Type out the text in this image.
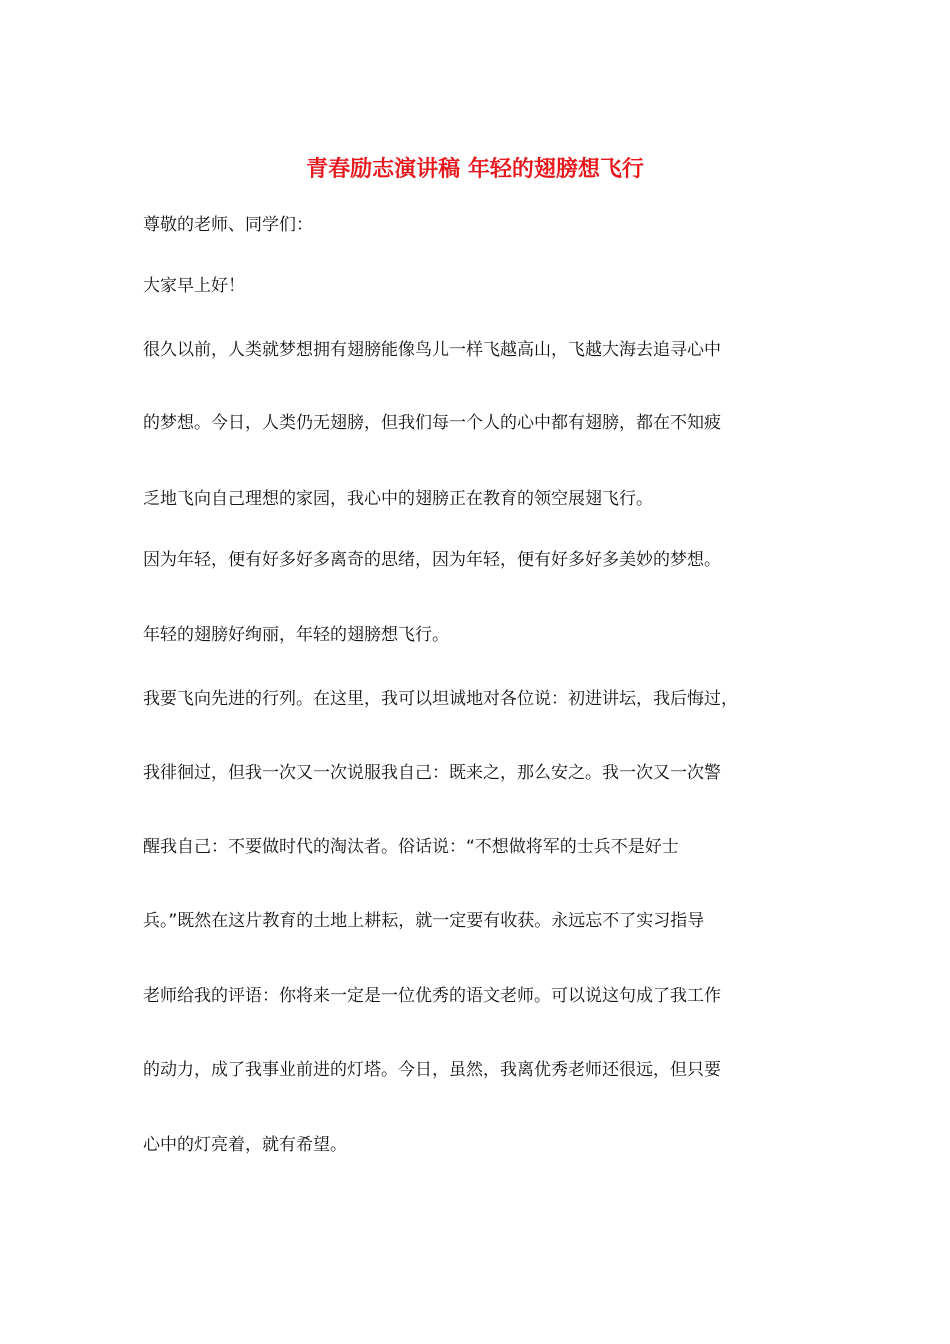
青春励志演讲稿 年轻的翅膀想飞行
尊敬的老师、同学们：
大家早上好！
很久以前，人类就梦想拥有翅膀能像鸟儿一样飞越高山，飞越大海去追寻心中
的梦想。今日，人类仍无翅膀，但我们每一个人的心中都有翅膀，都在不知疲
乏地飞向自己理想的家园，我心中的翅膀正在教育的领空展翅飞行。
因为年轻，便有好多好多离奇的思绪，因为年轻，便有好多好多美妙的梦想。
年轻的翅膀好绚丽，年轻的翅膀想飞行。
我要飞向先进的行列。在这里，我可以坦诚地对各位说：初进讲坛，我后悔过，
我徘徊过，但我一次又一次说服我自己：既来之，那么安之。我一次又一次警
醒我自己：不要做时代的淘汰者。俗话说：“不想做将军的士兵不是好士
兵。”既然在这片教育的土地上耕耘，就一定要有收获。永远忘不了实习指导
老师给我的评语：你将来一定是一位优秀的语文老师。可以说这句成了我工作
的动力，成了我事业前进的灯塔。今日，虽然，我离优秀老师还很远，但只要
心中的灯亮着，就有希望。
